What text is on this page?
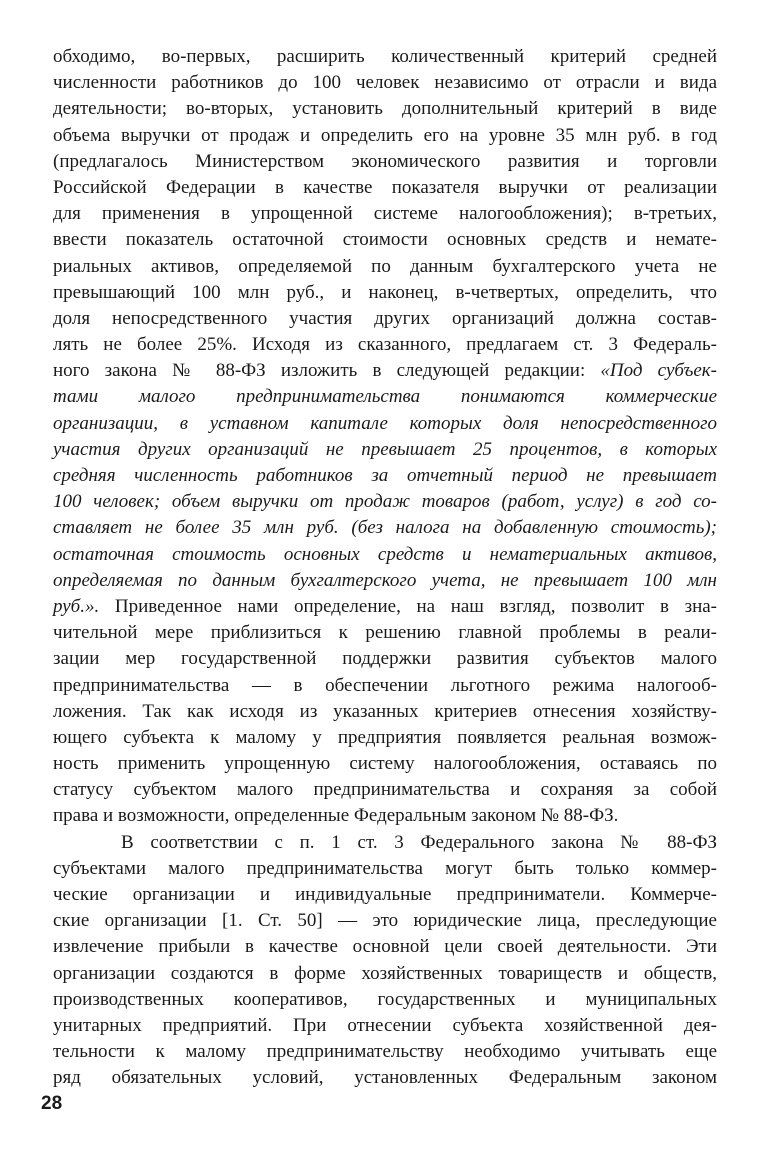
обходимо, во-первых, расширить количественный критерий средней
численности работников до 100 человек независимо от отрасли и вида
деятельности; во-вторых, установить дополнительный критерий в виде
объема выручки от продаж и определить его на уровне 35 млн руб. в год
(предлагалось Министерством экономического развития и торговли
Российской Федерации в качестве показателя выручки от реализации
для применения в упрощенной системе налогообложения); в-третьих,
ввести показатель остаточной стоимости основных средств и немате-
риальных активов, определяемой по данным бухгалтерского учета не
превышающий 100 млн руб., и наконец, в-четвертых, определить, что
доля непосредственного участия других организаций должна состав-
лять не более 25%. Исходя из сказанного, предлагаем ст. 3 Федераль-
ного закона № 88-ФЗ изложить в следующей редакции: «Под субъек-
тами малого предпринимательства понимаются коммерческие
организации, в уставном капитале которых доля непосредственного
участия других организаций не превышает 25 процентов, в которых
средняя численность работников за отчетный период не превышает
100 человек; объем выручки от продаж товаров (работ, услуг) в год со-
ставляет не более 35 млн руб. (без налога на добавленную стоимость);
остаточная стоимость основных средств и нематериальных активов,
определяемая по данным бухгалтерского учета, не превышает 100 млн
руб.». Приведенное нами определение, на наш взгляд, позволит в зна-
чительной мере приблизиться к решению главной проблемы в реали-
зации мер государственной поддержки развития субъектов малого
предпринимательства — в обеспечении льготного режима налогооб-
ложения. Так как исходя из указанных критериев отнесения хозяйству-
ющего субъекта к малому у предприятия появляется реальная возмож-
ность применить упрощенную систему налогообложения, оставаясь по
статусу субъектом малого предпринимательства и сохраняя за собой
права и возможности, определенные Федеральным законом № 88-ФЗ.
В соответствии с п. 1 ст. 3 Федерального закона № 88-ФЗ
субъектами малого предпринимательства могут быть только коммер-
ческие организации и индивидуальные предприниматели. Коммерче-
ские организации [1. Ст. 50] — это юридические лица, преследующие
извлечение прибыли в качестве основной цели своей деятельности. Эти
организации создаются в форме хозяйственных товариществ и обществ,
производственных кооперативов, государственных и муниципальных
унитарных предприятий. При отнесении субъекта хозяйственной дея-
тельности к малому предпринимательству необходимо учитывать еще
ряд обязательных условий, установленных Федеральным законом
28
